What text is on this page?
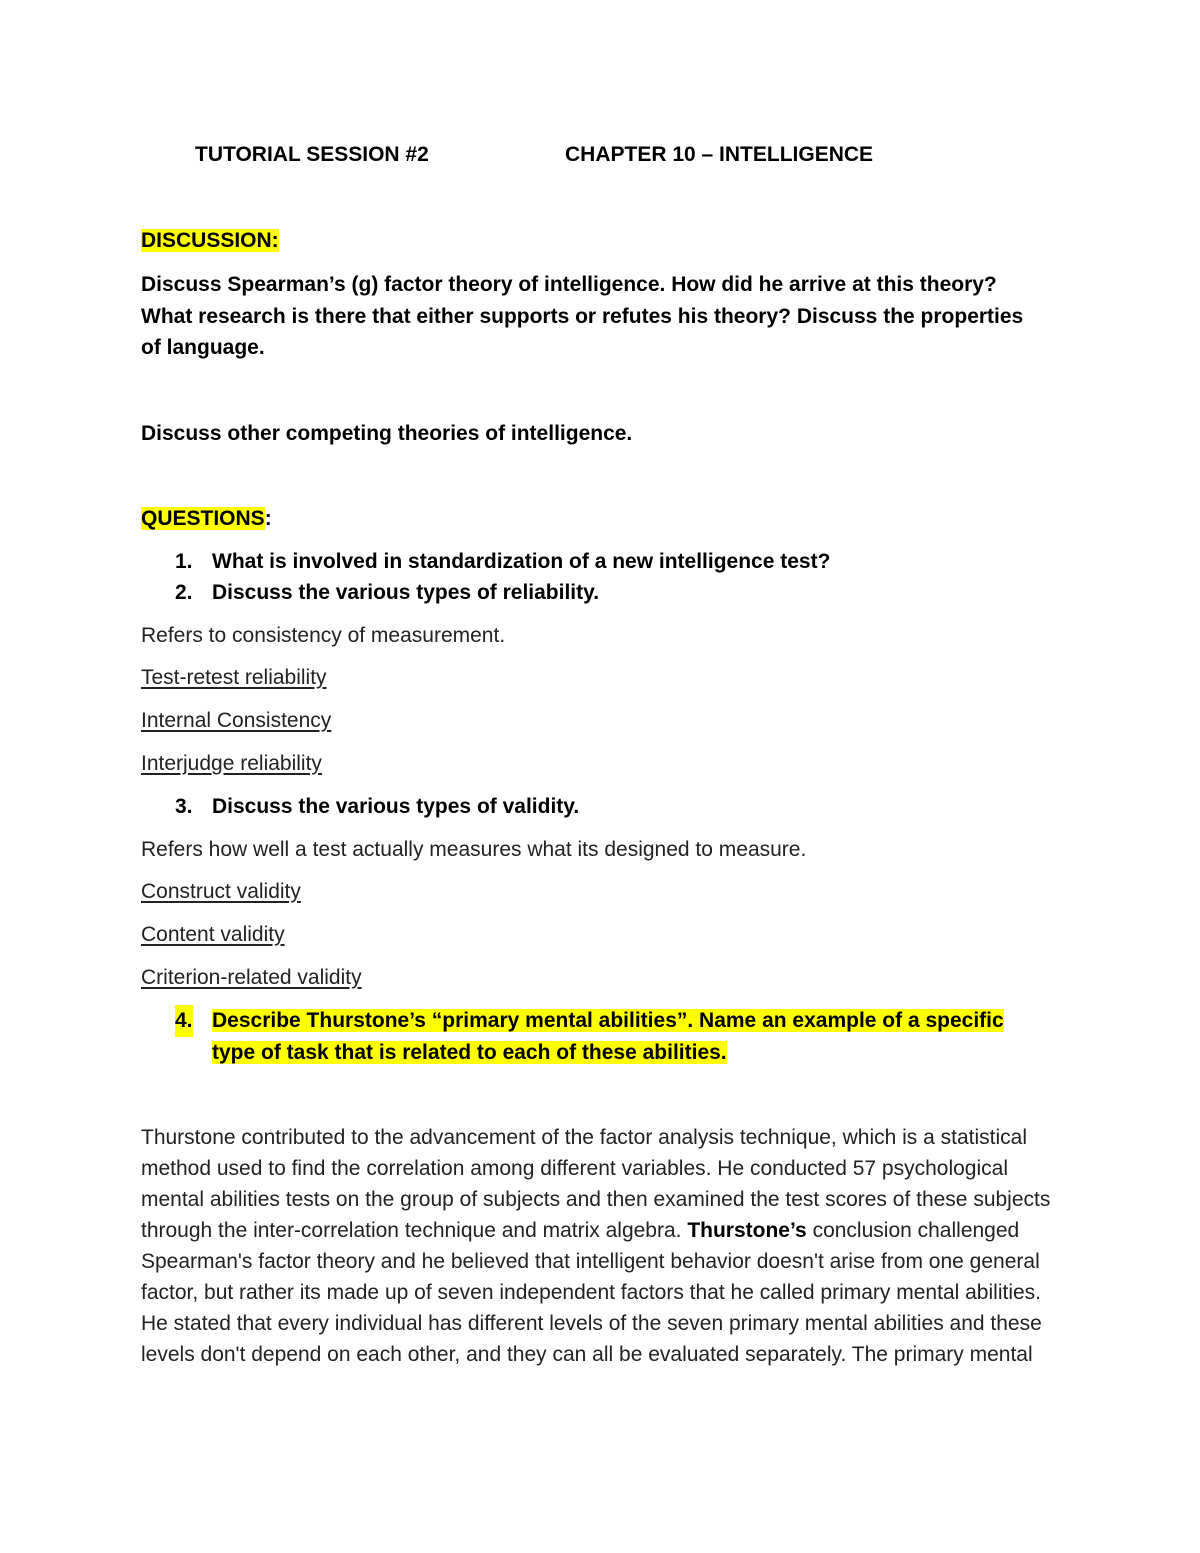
TUTORIAL SESSION #2	CHAPTER 10 – INTELLIGENCE
DISCUSSION:
Discuss Spearman’s (g) factor theory of intelligence. How did he arrive at this theory? What research is there that either supports or refutes his theory? Discuss the properties of language.
Discuss other competing theories of intelligence.
QUESTIONS:
1. What is involved in standardization of a new intelligence test?
2. Discuss the various types of reliability.
Refers to consistency of measurement.
Test-retest reliability
Internal Consistency
Interjudge reliability
3. Discuss the various types of validity.
Refers how well a test actually measures what its designed to measure.
Construct validity
Content validity
Criterion-related validity
4. Describe Thurstone’s “primary mental abilities”. Name an example of a specific type of task that is related to each of these abilities.
Thurstone contributed to the advancement of the factor analysis technique, which is a statistical method used to find the correlation among different variables. He conducted 57 psychological mental abilities tests on the group of subjects and then examined the test scores of these subjects through the inter-correlation technique and matrix algebra. Thurstone’s conclusion challenged Spearman's factor theory and he believed that intelligent behavior doesn't arise from one general factor, but rather its made up of seven independent factors that he called primary mental abilities. He stated that every individual has different levels of the seven primary mental abilities and these levels don't depend on each other, and they can all be evaluated separately. The primary mental
